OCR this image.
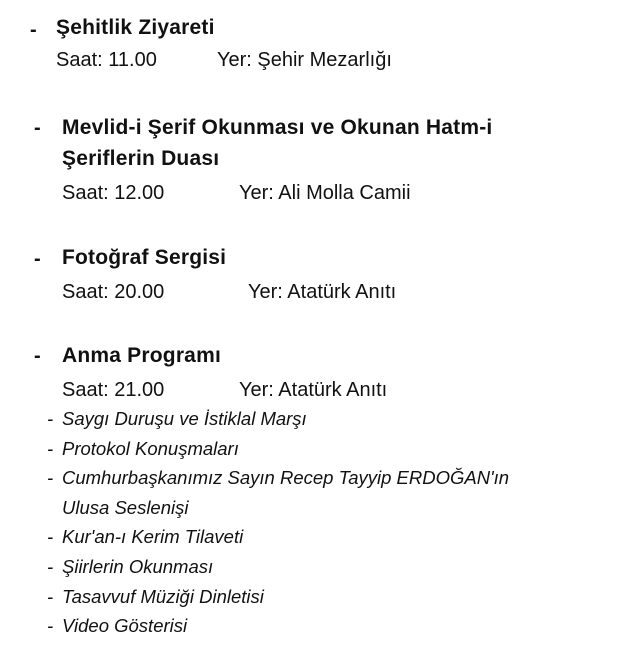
- Şehitlik Ziyareti
Saat: 11.00	Yer: Şehir Mezarlığı
- Mevlid-i Şerif Okunması ve Okunan Hatm-i
Şeriflerin Duası
Saat: 12.00	Yer: Ali Molla Camii
- Fotoğraf Sergisi
Saat: 20.00	Yer: Atatürk Anıtı
- Anma Programı
Saat: 21.00	Yer: Atatürk Anıtı
- Saygı Duruşu ve İstiklal Marşı
- Protokol Konuşmaları
- Cumhurbaşkanımız Sayın Recep Tayyip ERDOĞAN'ın
Ulusa Seslenişi
- Kur'an-ı Kerim Tilaveti
- Şiirlerin Okunması
- Tasavvuf Müziği Dinletisi
- Video Gösterisi
